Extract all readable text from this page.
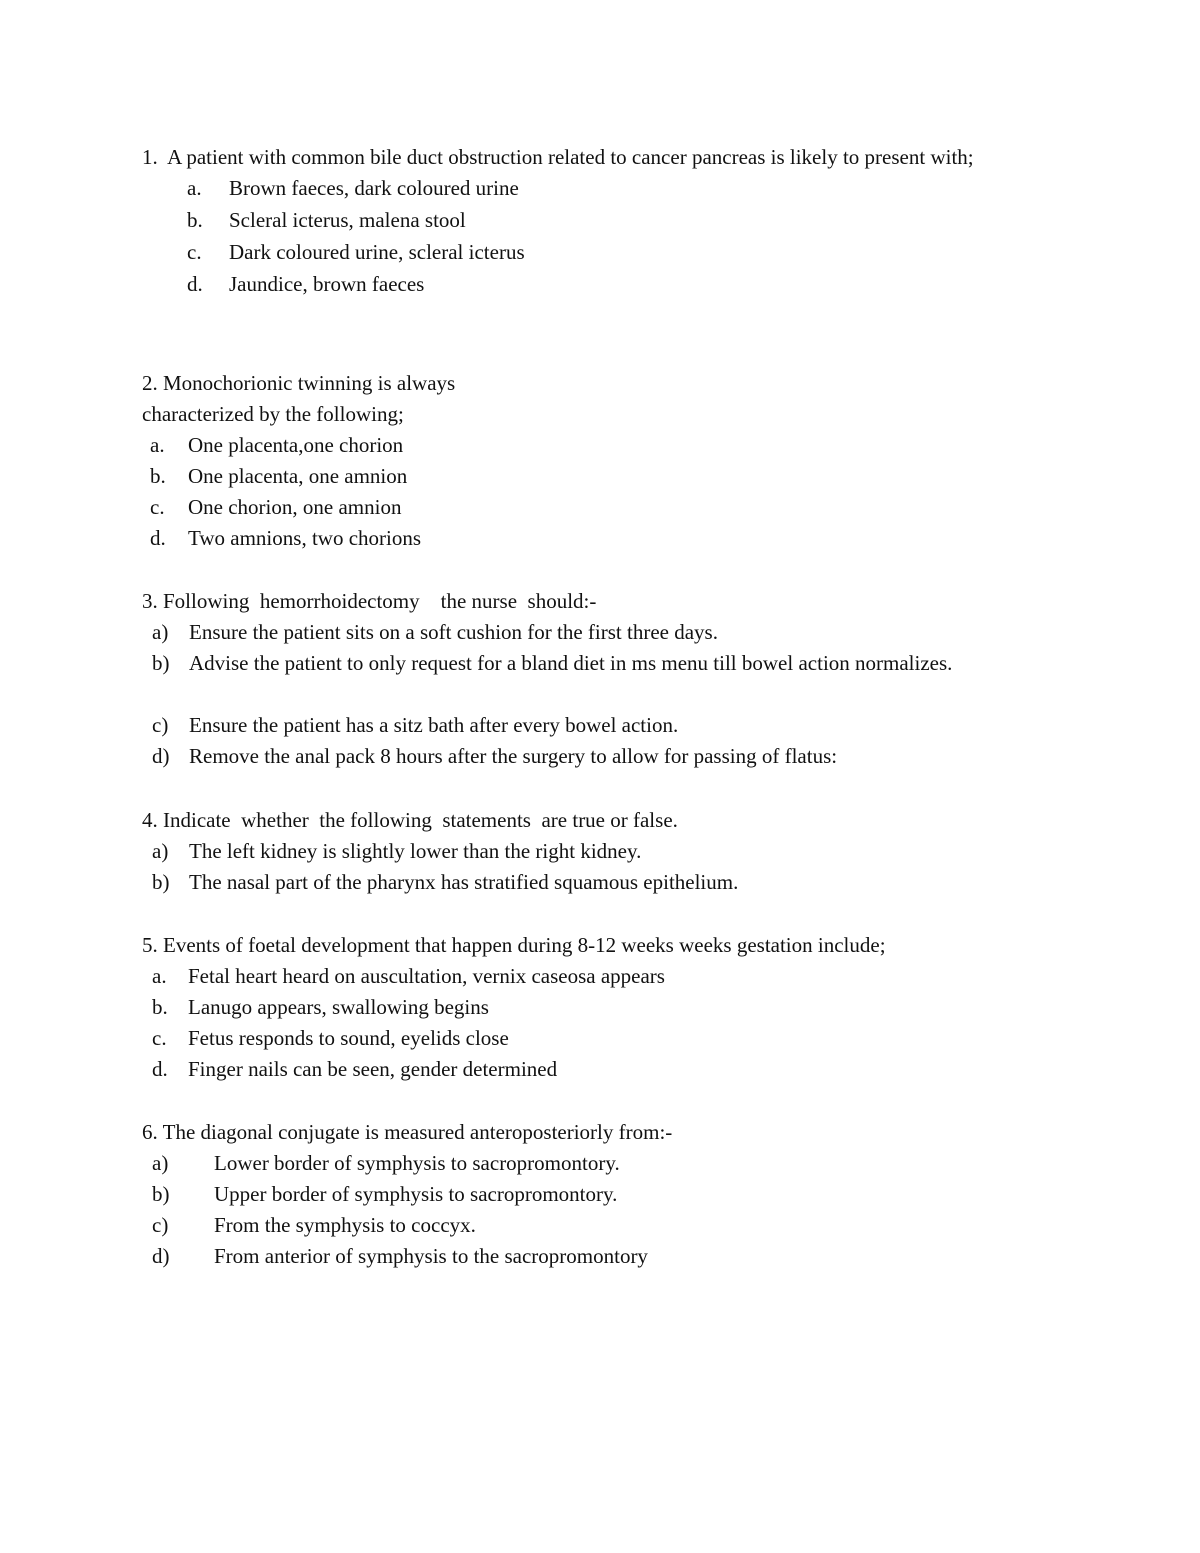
1.  A patient with common bile duct obstruction related to cancer pancreas is likely to present with;
a. Brown faeces, dark coloured urine
b. Scleral icterus, malena stool
c. Dark coloured urine, scleral icterus
d. Jaundice, brown faeces
2. Monochorionic twinning is always
characterized by the following;
a. One placenta,one chorion
b. One placenta, one amnion
c. One chorion, one amnion
d. Two amnions, two chorions
3. Following  hemorrhoidectomy    the nurse  should:-
a) Ensure the patient sits on a soft cushion for the first three days.
b) Advise the patient to only request for a bland diet in ms menu till bowel action normalizes.
c) Ensure the patient has a sitz bath after every bowel action.
d) Remove the anal pack 8 hours after the surgery to allow for passing of flatus:
4. Indicate  whether  the following  statements  are true or false.
a) The left kidney is slightly lower than the right kidney.
b) The nasal part of the pharynx has stratified squamous epithelium.
5. Events of foetal development that happen during 8-12 weeks weeks gestation include;
a. Fetal heart heard on auscultation, vernix caseosa appears
b. Lanugo appears, swallowing begins
c. Fetus responds to sound, eyelids close
d. Finger nails can be seen, gender determined
6. The diagonal conjugate is measured anteroposteriorly from:-
a) Lower border of symphysis to sacropromontory.
b) Upper border of symphysis to sacropromontory.
c) From the symphysis to coccyx.
d) From anterior of symphysis to the sacropromontory
